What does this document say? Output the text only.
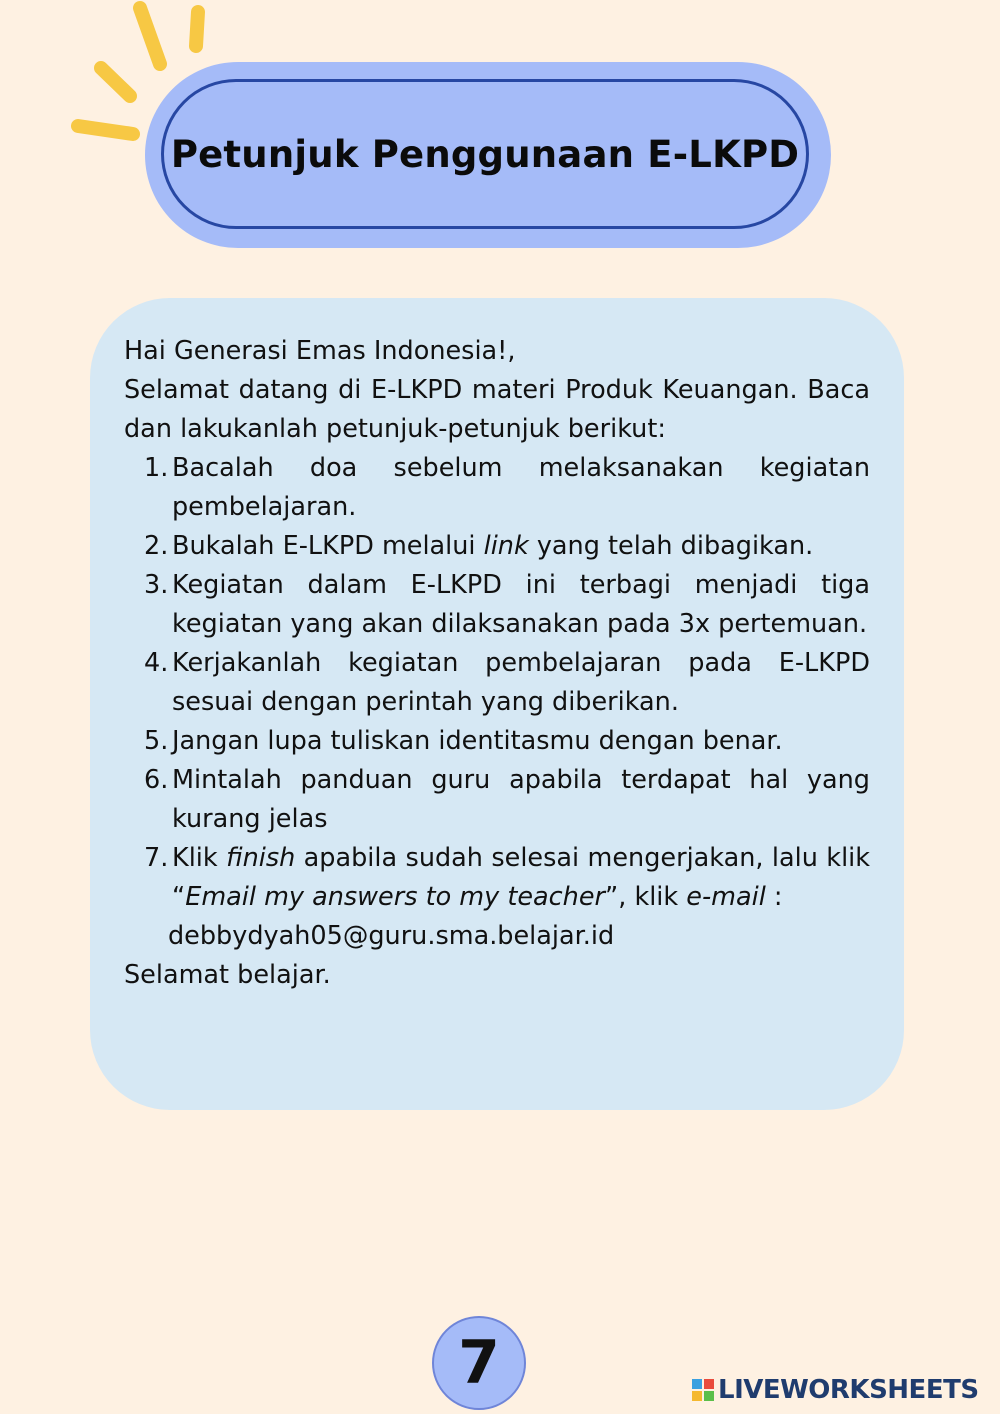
Petunjuk Penggunaan E-LKPD

Hai Generasi Emas Indonesia!,

Selamat datang di E-LKPD materi Produk Keuangan. Baca dan lakukanlah petunjuk-petunjuk berikut:

1. Bacalah doa sebelum melaksanakan kegiatan pembelajaran.
2. Bukalah E-LKPD melalui link yang telah dibagikan.
3. Kegiatan dalam E-LKPD ini terbagi menjadi tiga kegiatan yang akan dilaksanakan pada 3x pertemuan.
4. Kerjakanlah kegiatan pembelajaran pada E-LKPD sesuai dengan perintah yang diberikan.
5. Jangan lupa tuliskan identitasmu dengan benar.
6. Mintalah panduan guru apabila terdapat hal yang kurang jelas
7. Klik finish apabila sudah selesai mengerjakan, lalu klik “Email my answers to my teacher”, klik e-mail :

debbydyah05@guru.sma.belajar.id

Selamat belajar.

7	LIVEWORKSHEETS
